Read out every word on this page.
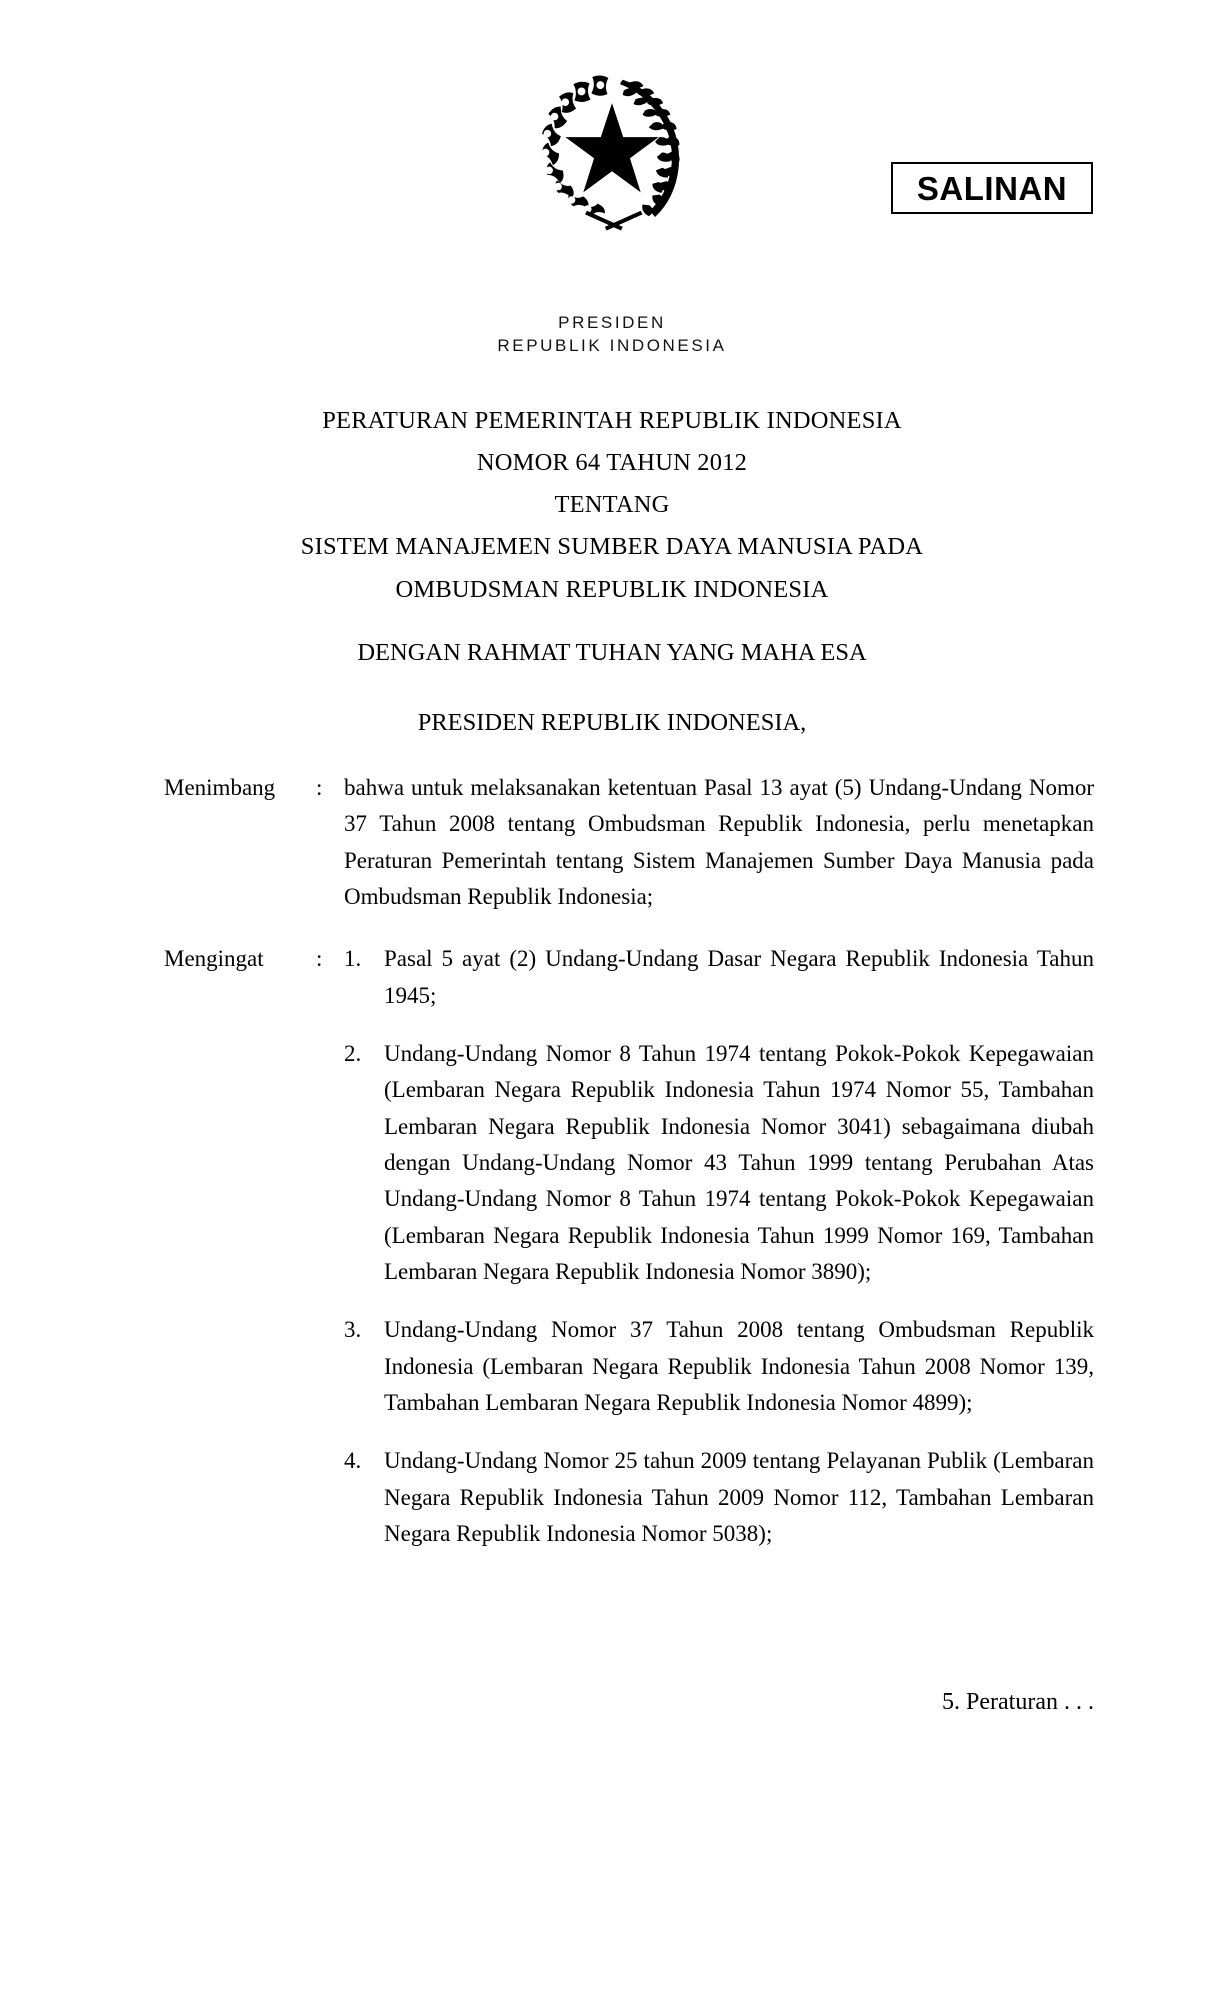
PRESIDEN
REPUBLIK INDONESIA
SALINAN
PERATURAN PEMERINTAH REPUBLIK INDONESIA
NOMOR 64 TAHUN 2012
TENTANG
SISTEM MANAJEMEN SUMBER DAYA MANUSIA PADA
OMBUDSMAN REPUBLIK INDONESIA
DENGAN RAHMAT TUHAN YANG MAHA ESA
PRESIDEN REPUBLIK INDONESIA,
Menimbang	: bahwa untuk melaksanakan ketentuan Pasal 13 ayat (5) Undang-Undang Nomor 37 Tahun 2008 tentang Ombudsman Republik Indonesia, perlu menetapkan Peraturan Pemerintah tentang Sistem Manajemen Sumber Daya Manusia pada Ombudsman Republik Indonesia;
Mengingat	: 1. Pasal 5 ayat (2) Undang-Undang Dasar Negara Republik Indonesia Tahun 1945;
2. Undang-Undang Nomor 8 Tahun 1974 tentang Pokok-Pokok Kepegawaian (Lembaran Negara Republik Indonesia Tahun 1974 Nomor 55, Tambahan Lembaran Negara Republik Indonesia Nomor 3041) sebagaimana diubah dengan Undang-Undang Nomor 43 Tahun 1999 tentang Perubahan Atas Undang-Undang Nomor 8 Tahun 1974 tentang Pokok-Pokok Kepegawaian (Lembaran Negara Republik Indonesia Tahun 1999 Nomor 169, Tambahan Lembaran Negara Republik Indonesia Nomor 3890);
3. Undang-Undang Nomor 37 Tahun 2008 tentang Ombudsman Republik Indonesia (Lembaran Negara Republik Indonesia Tahun 2008 Nomor 139, Tambahan Lembaran Negara Republik Indonesia Nomor 4899);
4. Undang-Undang Nomor 25 tahun 2009 tentang Pelayanan Publik (Lembaran Negara Republik Indonesia Tahun 2009 Nomor 112, Tambahan Lembaran Negara Republik Indonesia Nomor 5038);
5. Peraturan . . .
